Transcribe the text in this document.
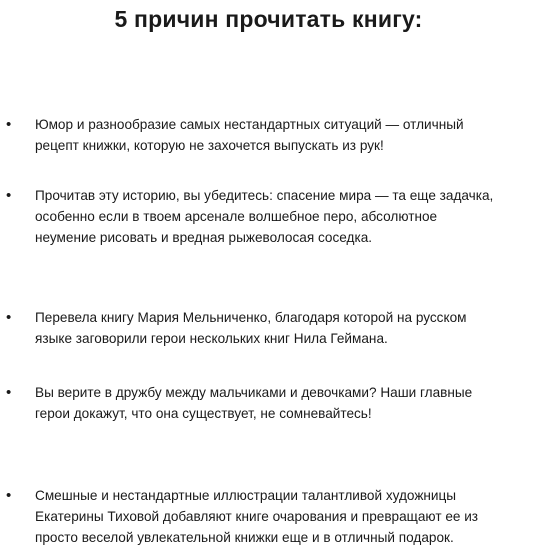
5 причин прочитать книгу:
• Юмор и разнообразие самых нестандартных ситуаций — отличный
рецепт книжки, которую не захочется выпускать из рук!

• Прочитав эту историю, вы убедитесь: спасение мира — та еще задачка,
особенно если в твоем арсенале волшебное перо, абсолютное
неумение рисовать и вредная рыжеволосая соседка.

• Перевела книгу Мария Мельниченко, благодаря которой на русском
языке заговорили герои нескольких книг Нила Геймана.

• Вы верите в дружбу между мальчиками и девочками? Наши главные
герои докажут, что она существует, не сомневайтесь!

• Смешные и нестандартные иллюстрации талантливой художницы
Екатерины Тиховой добавляют книге очарования и превращают ее из
просто веселой увлекательной книжки еще и в отличный подарок.
